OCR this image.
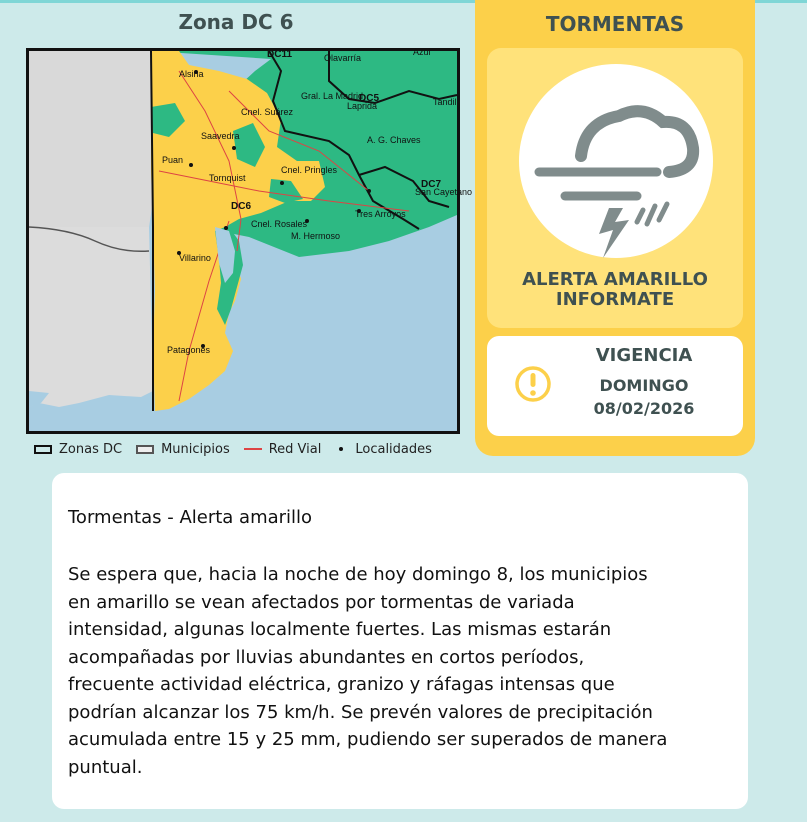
Zona DC 6
DC11	Olavarría
Azul
Alsina
Gral. La Madrid
DC5
Laprida	Tandil
Cnel. Suárez
Saavedra	A. G. Chaves
Puan
Cnel. Pringles
Tornquist
DC7
San Cayetano
DC6
Tres Arroyos
Cnel. Rosales
M. Hermoso
Villarino
Patagones
Zonas DC	Municipios	Red Vial	Localidades
TORMENTAS
ALERTA AMARILLO
INFORMATE
VIGENCIA
DOMINGO
08/02/2026
Tormentas - Alerta amarillo
Se espera que, hacia la noche de hoy domingo 8, los municipios
en amarillo se vean afectados por tormentas de variada
intensidad, algunas localmente fuertes. Las mismas estarán
acompañadas por lluvias abundantes en cortos períodos,
frecuente actividad eléctrica, granizo y ráfagas intensas que
podrían alcanzar los 75 km/h. Se prevén valores de precipitación
acumulada entre 15 y 25 mm, pudiendo ser superados de manera
puntual.
